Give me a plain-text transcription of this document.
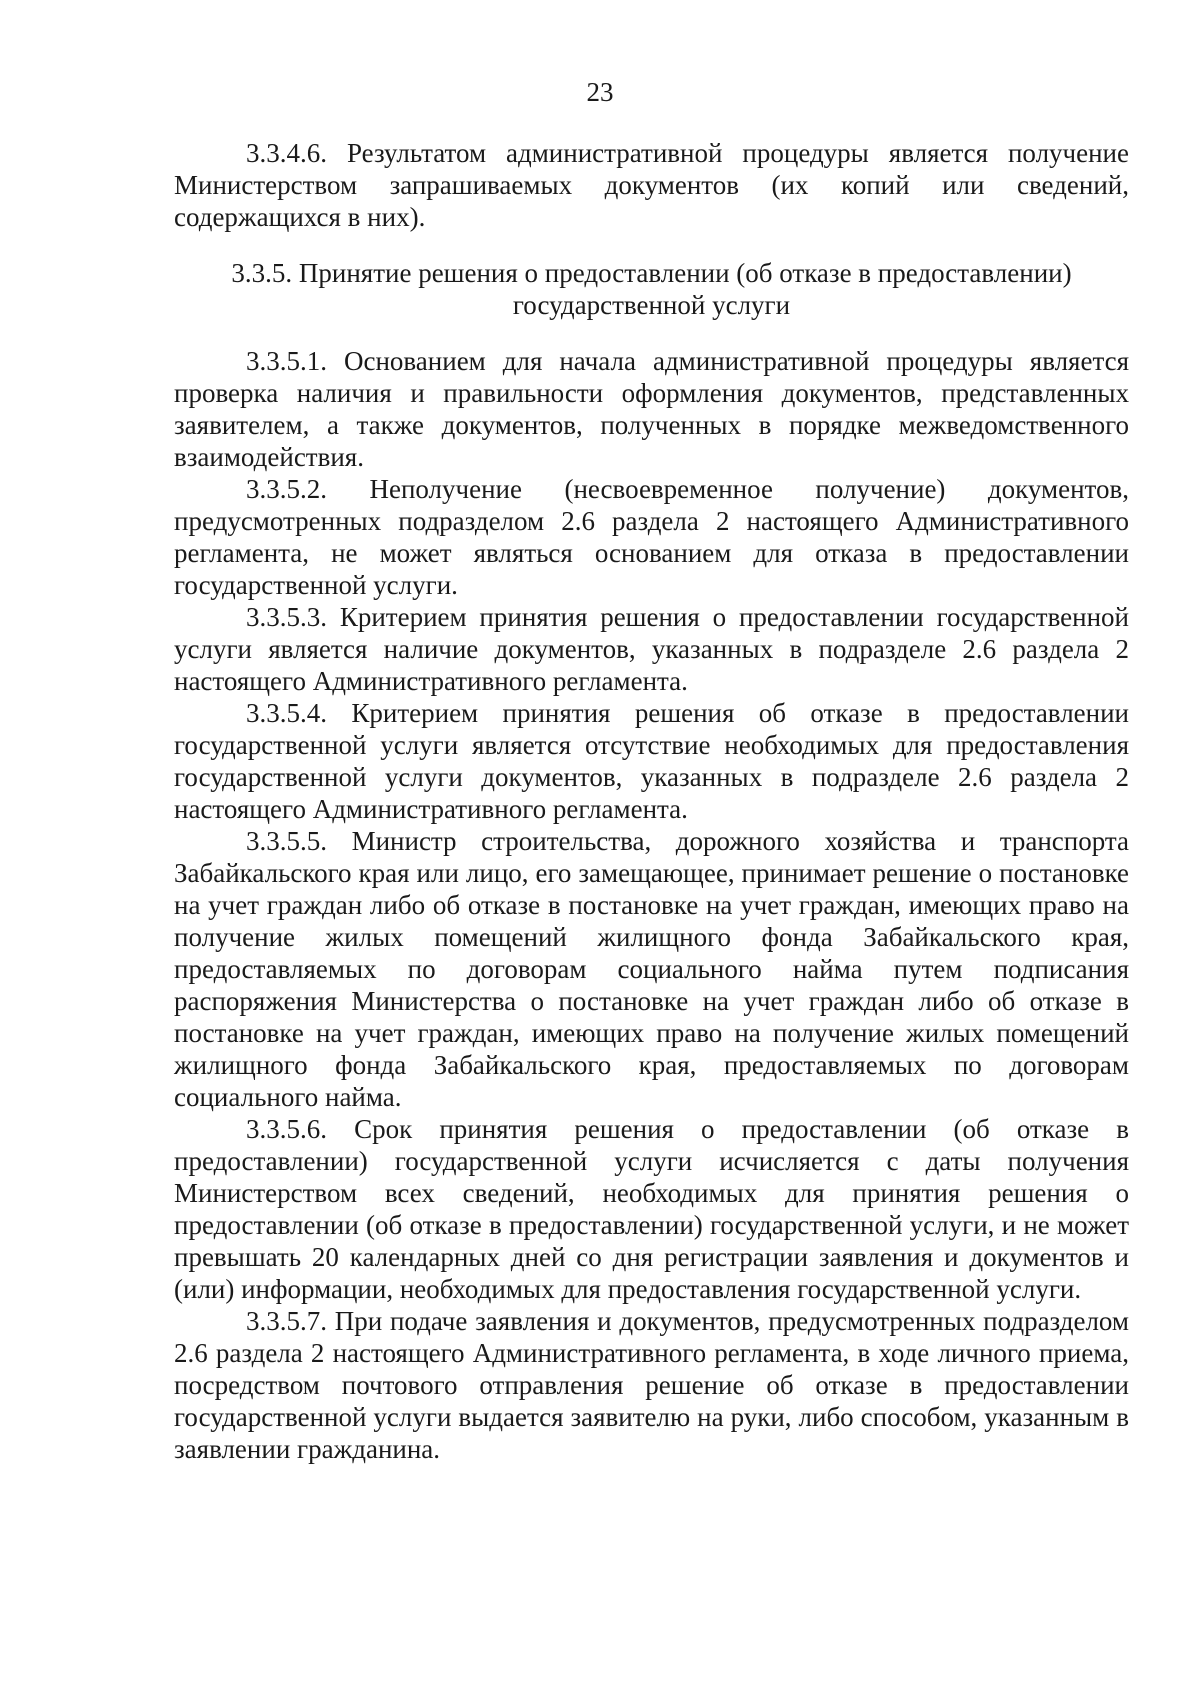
23

3.3.4.6. Результатом административной процедуры является получение Министерством запрашиваемых документов (их копий или сведений, содержащихся в них).

3.3.5. Принятие решения о предоставлении (об отказе в предоставлении) государственной услуги

3.3.5.1. Основанием для начала административной процедуры является проверка наличия и правильности оформления документов, представленных заявителем, а также документов, полученных в порядке межведомственного взаимодействия.

3.3.5.2. Неполучение (несвоевременное получение) документов, предусмотренных подразделом 2.6 раздела 2 настоящего Административного регламента, не может являться основанием для отказа в предоставлении государственной услуги.

3.3.5.3. Критерием принятия решения о предоставлении государственной услуги является наличие документов, указанных в подразделе 2.6 раздела 2 настоящего Административного регламента.

3.3.5.4. Критерием принятия решения об отказе в предоставлении государственной услуги является отсутствие необходимых для предоставления государственной услуги документов, указанных в подразделе 2.6 раздела 2 настоящего Административного регламента.

3.3.5.5. Министр строительства, дорожного хозяйства и транспорта Забайкальского края или лицо, его замещающее, принимает решение о постановке на учет граждан либо об отказе в постановке на учет граждан, имеющих право на получение жилых помещений жилищного фонда Забайкальского края, предоставляемых по договорам социального найма путем подписания распоряжения Министерства о постановке на учет граждан либо об отказе в постановке на учет граждан, имеющих право на получение жилых помещений жилищного фонда Забайкальского края, предоставляемых по договорам социального найма.

3.3.5.6. Срок принятия решения о предоставлении (об отказе в предоставлении) государственной услуги исчисляется с даты получения Министерством всех сведений, необходимых для принятия решения о предоставлении (об отказе в предоставлении) государственной услуги, и не может превышать 20 календарных дней со дня регистрации заявления и документов и (или) информации, необходимых для предоставления государственной услуги.

3.3.5.7. При подаче заявления и документов, предусмотренных подразделом 2.6 раздела 2 настоящего Административного регламента, в ходе личного приема, посредством почтового отправления решение об отказе в предоставлении государственной услуги выдается заявителю на руки, либо способом, указанным в заявлении гражданина.
